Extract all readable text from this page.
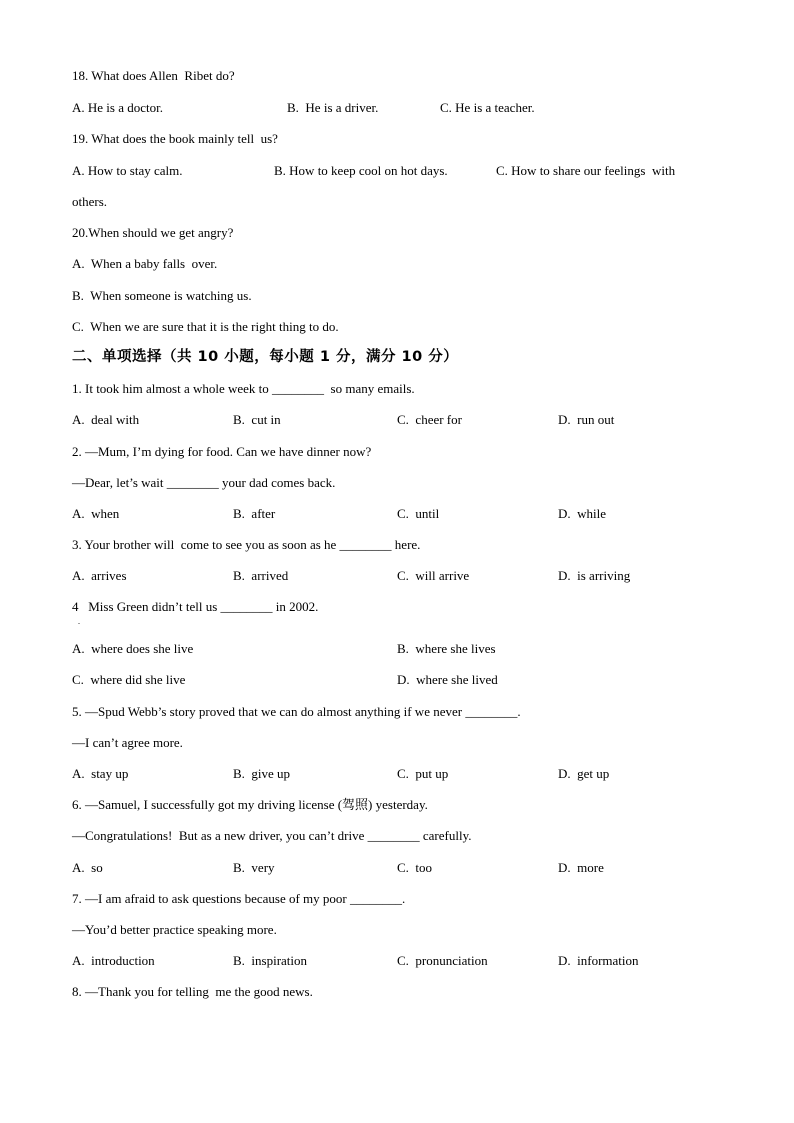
18. What does Allen  Ribet do?
A. He is a doctor.	B.  He is a driver.	C. He is a teacher.
19. What does the book mainly tell  us?
A. How to stay calm.	B. How to keep cool on hot days.	C. How to share our feelings  with
others.
20.When should we get angry?
A.  When a baby falls  over.
B.  When someone is watching us.
C.  When we are sure that it is the right thing to do.
二、单项选择（共 10 小题，每小题 1 分，满分 10 分）
1. It took him almost a whole week to ________  so many emails.
A.  deal with	B.  cut in	C.  cheer for	D.  run out
2. —Mum, I’m dying for food. Can we have dinner now?
—Dear, let’s wait ________ your dad comes back.
A.  when	B.  after	C.  until	D.  while
3. Your brother will  come to see you as soon as he ________ here.
A.  arrives	B.  arrived	C.  will arrive	D.  is arriving
4   Miss Green didn’t tell us ________ in 2002.
.
A.  where does she live	B.  where she lives
C.  where did she live	D.  where she lived
5. —Spud Webb’s story proved that we can do almost anything if we never ________.
—I can’t agree more.
A.  stay up	B.  give up	C.  put up	D.  get up
6. —Samuel, I successfully got my driving license (驾照) yesterday.
—Congratulations!  But as a new driver, you can’t drive ________ carefully.
A.  so	B.  very	C.  too	D.  more
7. —I am afraid to ask questions because of my poor ________.
—You’d better practice speaking more.
A.  introduction	B.  inspiration	C.  pronunciation	D.  information
8. —Thank you for telling  me the good news.
